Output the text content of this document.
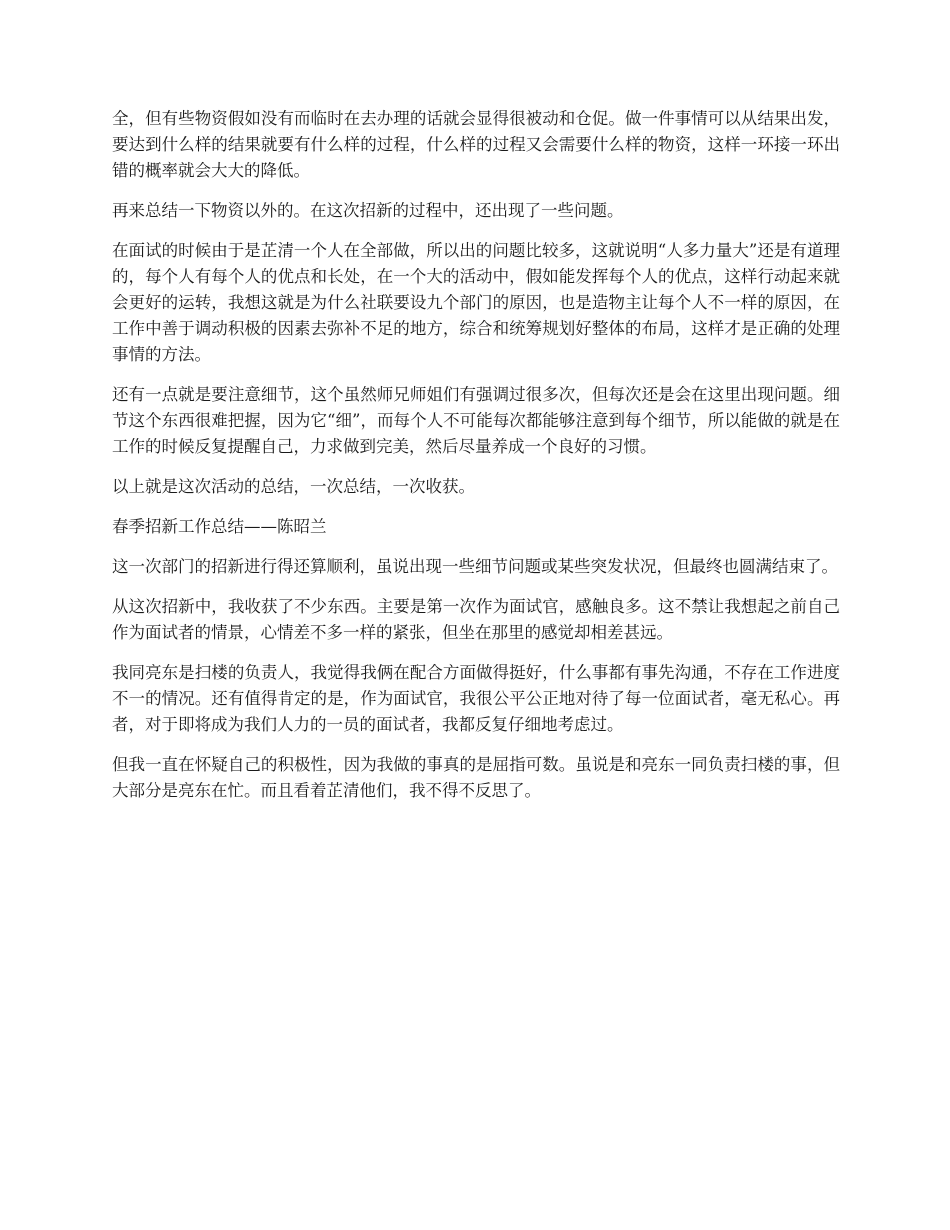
全，但有些物资假如没有而临时在去办理的话就会显得很被动和仓促。做一件事情可以从结果出发，要达到什么样的结果就要有什么样的过程，什么样的过程又会需要什么样的物资，这样一环接一环出错的概率就会大大的降低。

再来总结一下物资以外的。在这次招新的过程中，还出现了一些问题。

在面试的时候由于是芷清一个人在全部做，所以出的问题比较多，这就说明“人多力量大”还是有道理的，每个人有每个人的优点和长处，在一个大的活动中，假如能发挥每个人的优点，这样行动起来就会更好的运转，我想这就是为什么社联要设九个部门的原因，也是造物主让每个人不一样的原因，在工作中善于调动积极的因素去弥补不足的地方，综合和统筹规划好整体的布局，这样才是正确的处理事情的方法。

还有一点就是要注意细节，这个虽然师兄师姐们有强调过很多次，但每次还是会在这里出现问题。细节这个东西很难把握，因为它“细”，而每个人不可能每次都能够注意到每个细节，所以能做的就是在工作的时候反复提醒自己，力求做到完美，然后尽量养成一个良好的习惯。

以上就是这次活动的总结，一次总结，一次收获。

春季招新工作总结——陈昭兰

这一次部门的招新进行得还算顺利，虽说出现一些细节问题或某些突发状况，但最终也圆满结束了。

从这次招新中，我收获了不少东西。主要是第一次作为面试官，感触良多。这不禁让我想起之前自己作为面试者的情景，心情差不多一样的紧张，但坐在那里的感觉却相差甚远。

我同亮东是扫楼的负责人，我觉得我俩在配合方面做得挺好，什么事都有事先沟通，不存在工作进度不一的情况。还有值得肯定的是，作为面试官，我很公平公正地对待了每一位面试者，毫无私心。再者，对于即将成为我们人力的一员的面试者，我都反复仔细地考虑过。

但我一直在怀疑自己的积极性，因为我做的事真的是屈指可数。虽说是和亮东一同负责扫楼的事，但大部分是亮东在忙。而且看着芷清他们，我不得不反思了。
